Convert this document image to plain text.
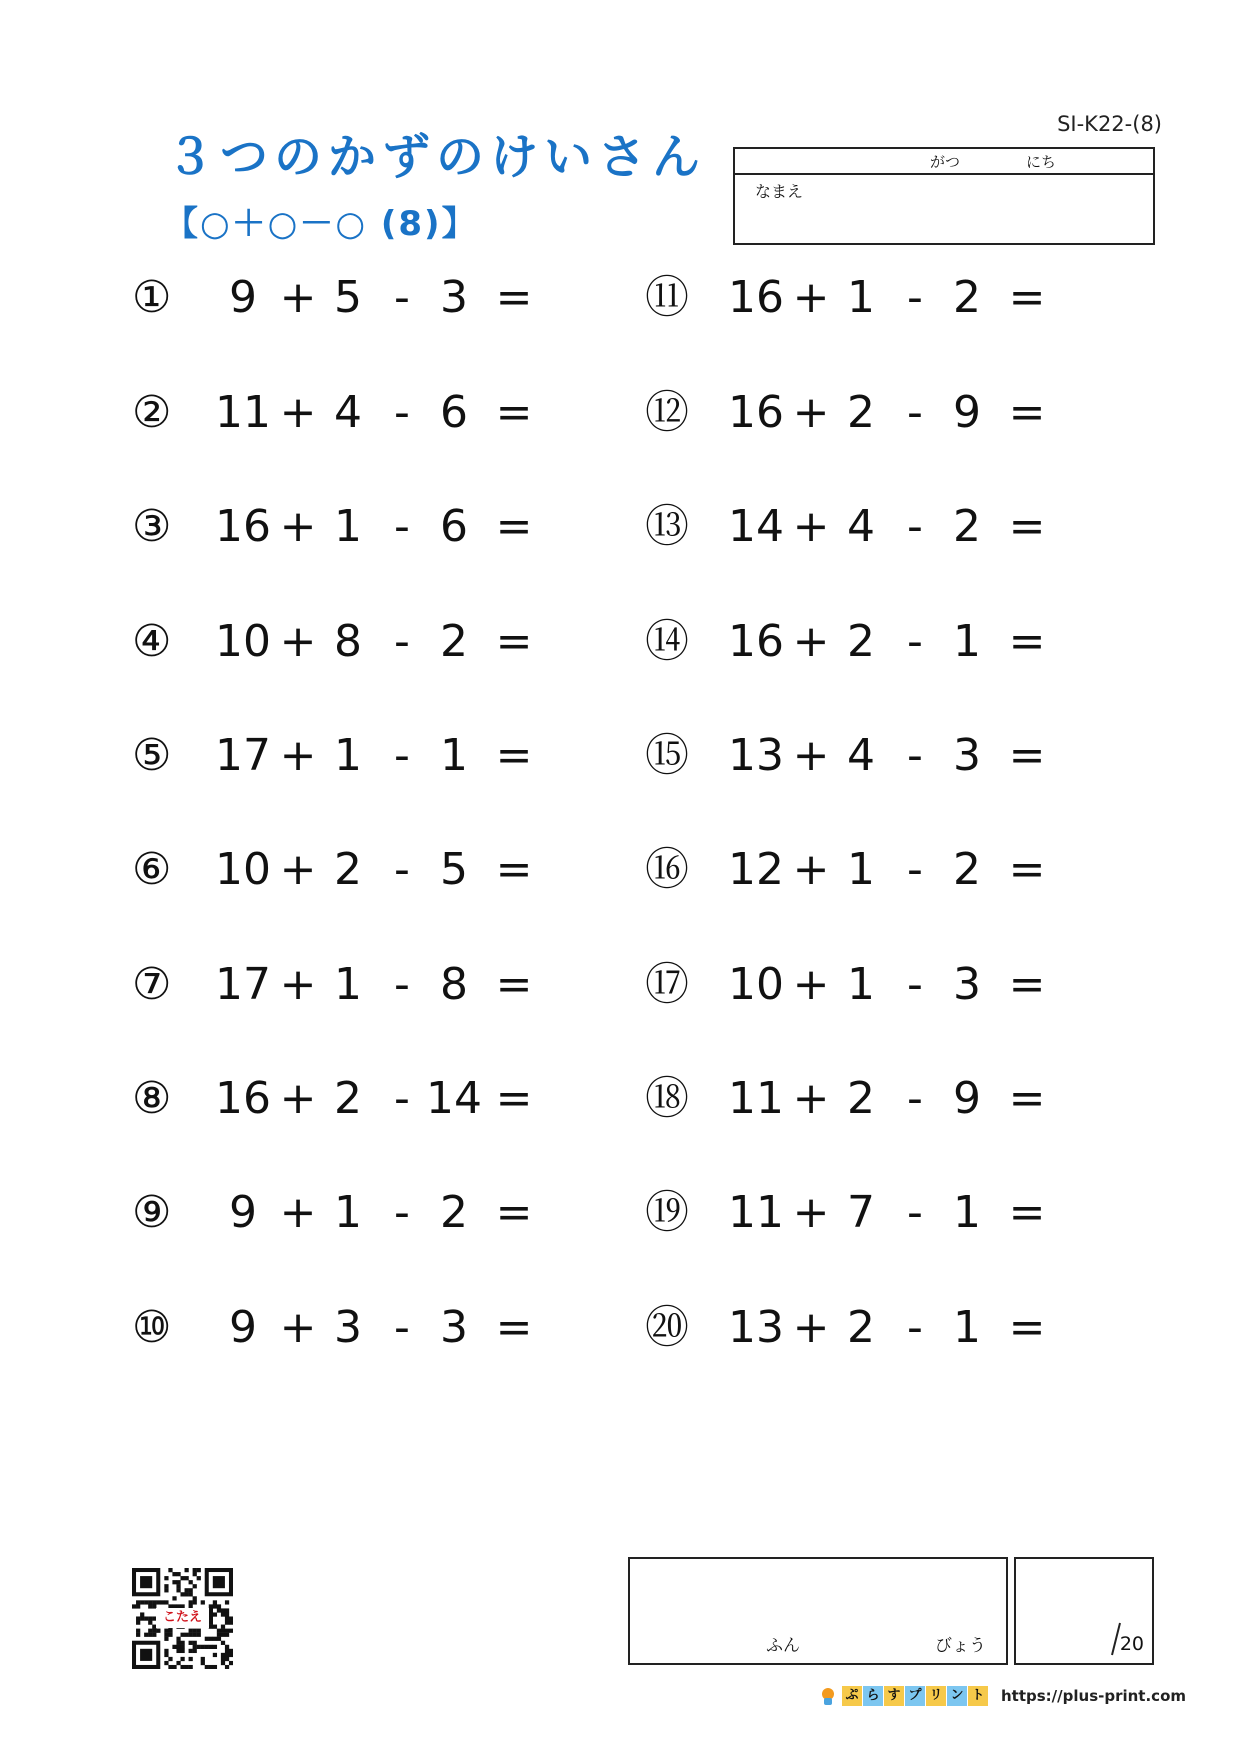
SI-K22-(8)
３つのかずのけいさん
【○＋○－○ (8)】
がつ	にち
なまえ
①	9 + 5 - 3 =
② 11 + 4 - 6 =
③ 16 + 1 - 6 =
④ 10 + 8 - 2 =
⑤ 17 + 1 - 1 =
⑥ 10 + 2 - 5 =
⑦ 17 + 1 - 8 =
⑧ 16 + 2 - 14 =
⑨	9 + 1 - 2 =
⑩	9 + 3 - 3 =
⑪ 16 + 1 - 2 =
⑫ 16 + 2 - 9 =
⑬ 14 + 4 - 2 =
⑭ 16 + 2 - 1 =
⑮ 13 + 4 - 3 =
⑯ 12 + 1 - 2 =
⑰ 10 + 1 - 3 =
⑱ 11 + 2 - 9 =
⑲ 11 + 7 - 1 =
⑳ 13 + 2 - 1 =
こたえ
ふん	びょう	20
ぷ ら す プ リ ン ト https://plus-print.com
